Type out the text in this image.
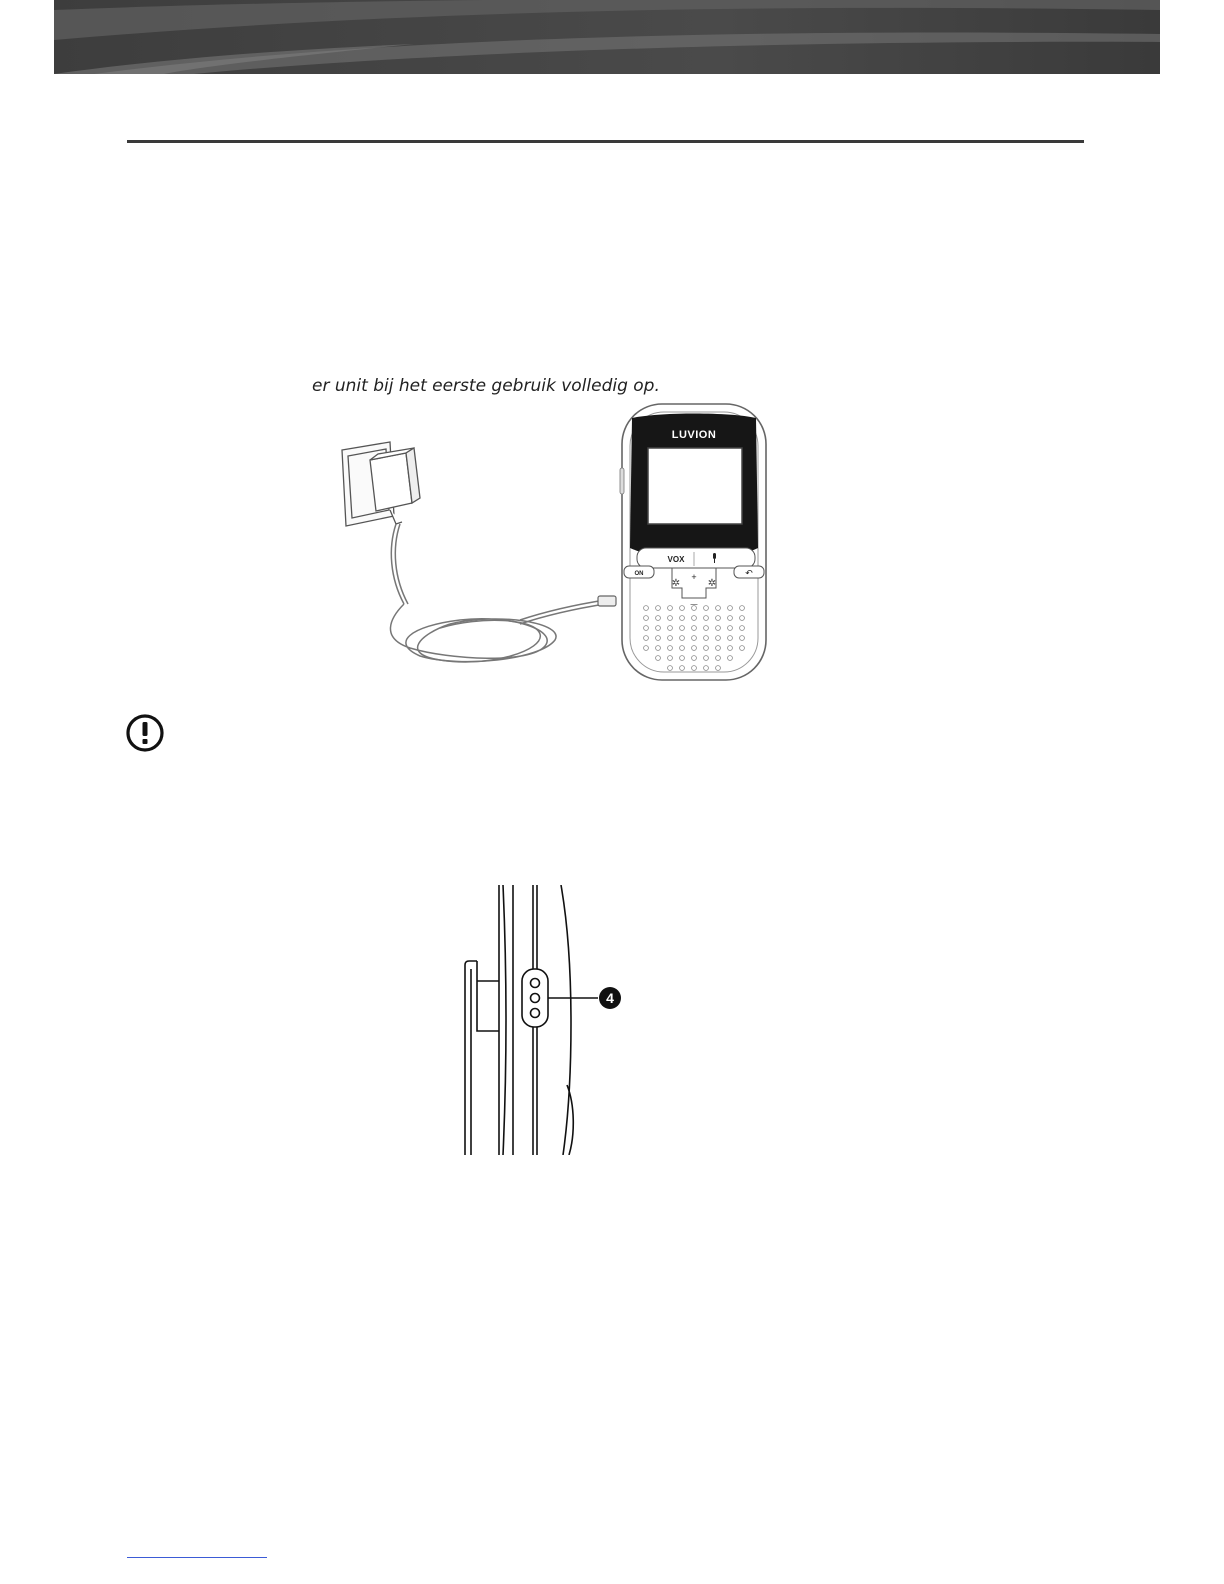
er unit bij het eerste gebruik volledig op.
LUVION
VOX
ON	↶
+
—
✲	✲
4
